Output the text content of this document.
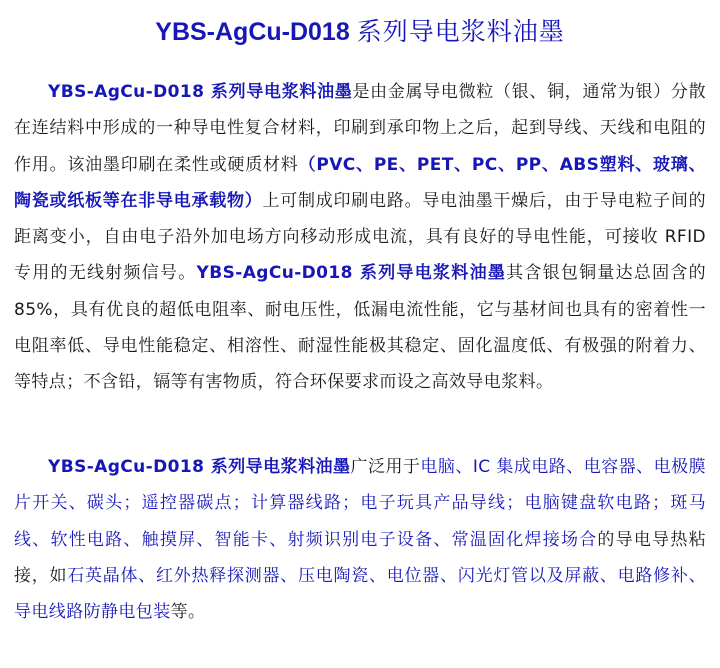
YBS-AgCu-D018 系列导电浆料油墨

YBS-AgCu-D018 系列导电浆料油墨是由金属导电微粒（银、铜，通常为银）分散在连结料中形成的一种导电性复合材料，印刷到承印物上之后，起到导线、天线和电阻的作用。该油墨印刷在柔性或硬质材料（PVC、PE、PET、PC、PP、ABS塑料、玻璃、陶瓷或纸板等在非导电承载物）上可制成印刷电路。导电油墨干燥后，由于导电粒子间的距离变小，自由电子沿外加电场方向移动形成电流，具有良好的导电性能，可接收 RFID 专用的无线射频信号。YBS-AgCu-D018 系列导电浆料油墨其含银包铜量达总固含的 85%，具有优良的超低电阻率、耐电压性，低漏电流性能，它与基材间也具有的密着性一电阻率低、导电性能稳定、相溶性、耐湿性能极其稳定、固化温度低、有极强的附着力、等特点；不含铅，镉等有害物质，符合环保要求而设之高效导电浆料。

YBS-AgCu-D018 系列导电浆料油墨广泛用于电脑、IC 集成电路、电容器、电极膜片开关、碳头；遥控器碳点；计算器线路；电子玩具产品导线；电脑键盘软电路；斑马线、软性电路、触摸屏、智能卡、射频识别电子设备、常温固化焊接场合的导电导热粘接，如石英晶体、红外热释探测器、压电陶瓷、电位器、闪光灯管以及屏蔽、电路修补、导电线路防静电包装等。
